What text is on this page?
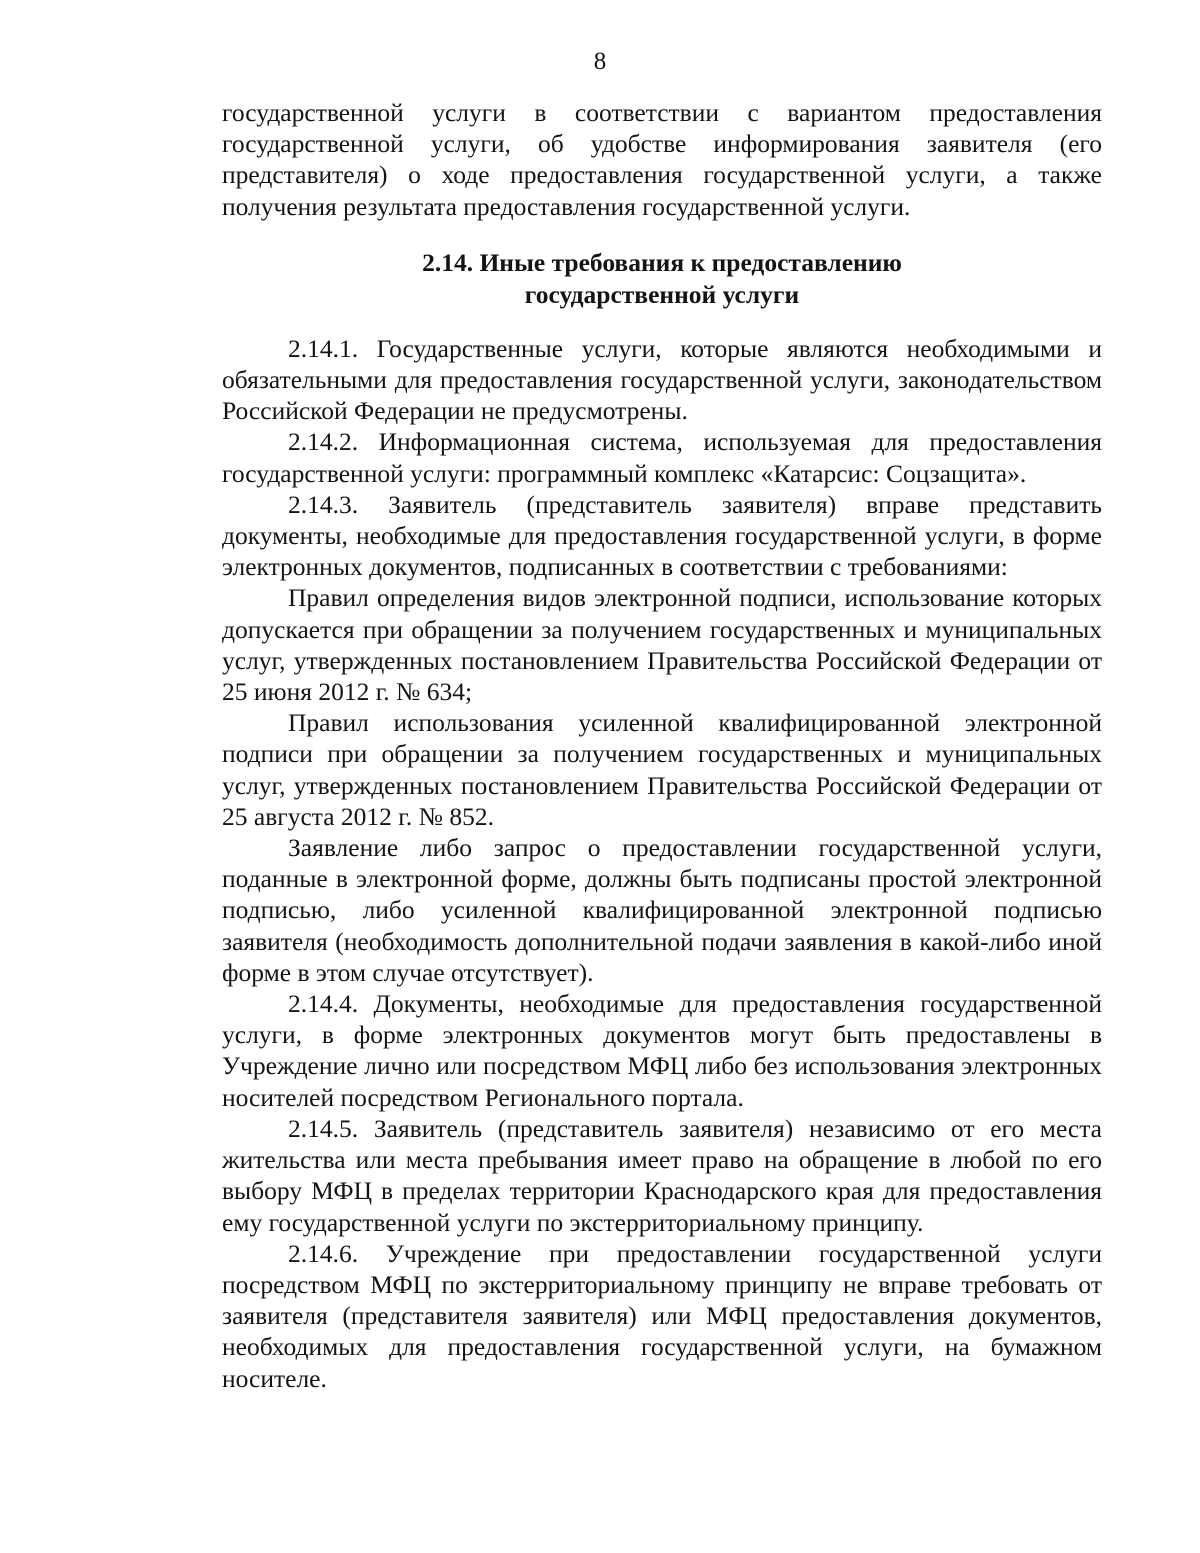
8

государственной услуги в соответствии с вариантом предоставления государственной услуги, об удобстве информирования заявителя (его представителя) о ходе предоставления государственной услуги, а также получения результата предоставления государственной услуги.

2.14. Иные требования к предоставлению
государственной услуги

2.14.1. Государственные услуги, которые являются необходимыми и обязательными для предоставления государственной услуги, законодательством Российской Федерации не предусмотрены.

2.14.2. Информационная система, используемая для предоставления государственной услуги: программный комплекс «Катарсис: Соцзащита».

2.14.3. Заявитель (представитель заявителя) вправе представить документы, необходимые для предоставления государственной услуги, в форме электронных документов, подписанных в соответствии с требованиями:

Правил определения видов электронной подписи, использование которых допускается при обращении за получением государственных и муниципальных услуг, утвержденных постановлением Правительства Российской Федерации от 25 июня 2012 г. № 634;

Правил использования усиленной квалифицированной электронной подписи при обращении за получением государственных и муниципальных услуг, утвержденных постановлением Правительства Российской Федерации от 25 августа 2012 г. № 852.

Заявление либо запрос о предоставлении государственной услуги, поданные в электронной форме, должны быть подписаны простой электронной подписью, либо усиленной квалифицированной электронной подписью заявителя (необходимость дополнительной подачи заявления в какой-либо иной форме в этом случае отсутствует).

2.14.4. Документы, необходимые для предоставления государственной услуги, в форме электронных документов могут быть предоставлены в Учреждение лично или посредством МФЦ либо без использования электронных носителей посредством Регионального портала.

2.14.5. Заявитель (представитель заявителя) независимо от его места жительства или места пребывания имеет право на обращение в любой по его выбору МФЦ в пределах территории Краснодарского края для предоставления ему государственной услуги по экстерриториальному принципу.

2.14.6. Учреждение при предоставлении государственной услуги посредством МФЦ по экстерриториальному принципу не вправе требовать от заявителя (представителя заявителя) или МФЦ предоставления документов, необходимых для предоставления государственной услуги, на бумажном носителе.
